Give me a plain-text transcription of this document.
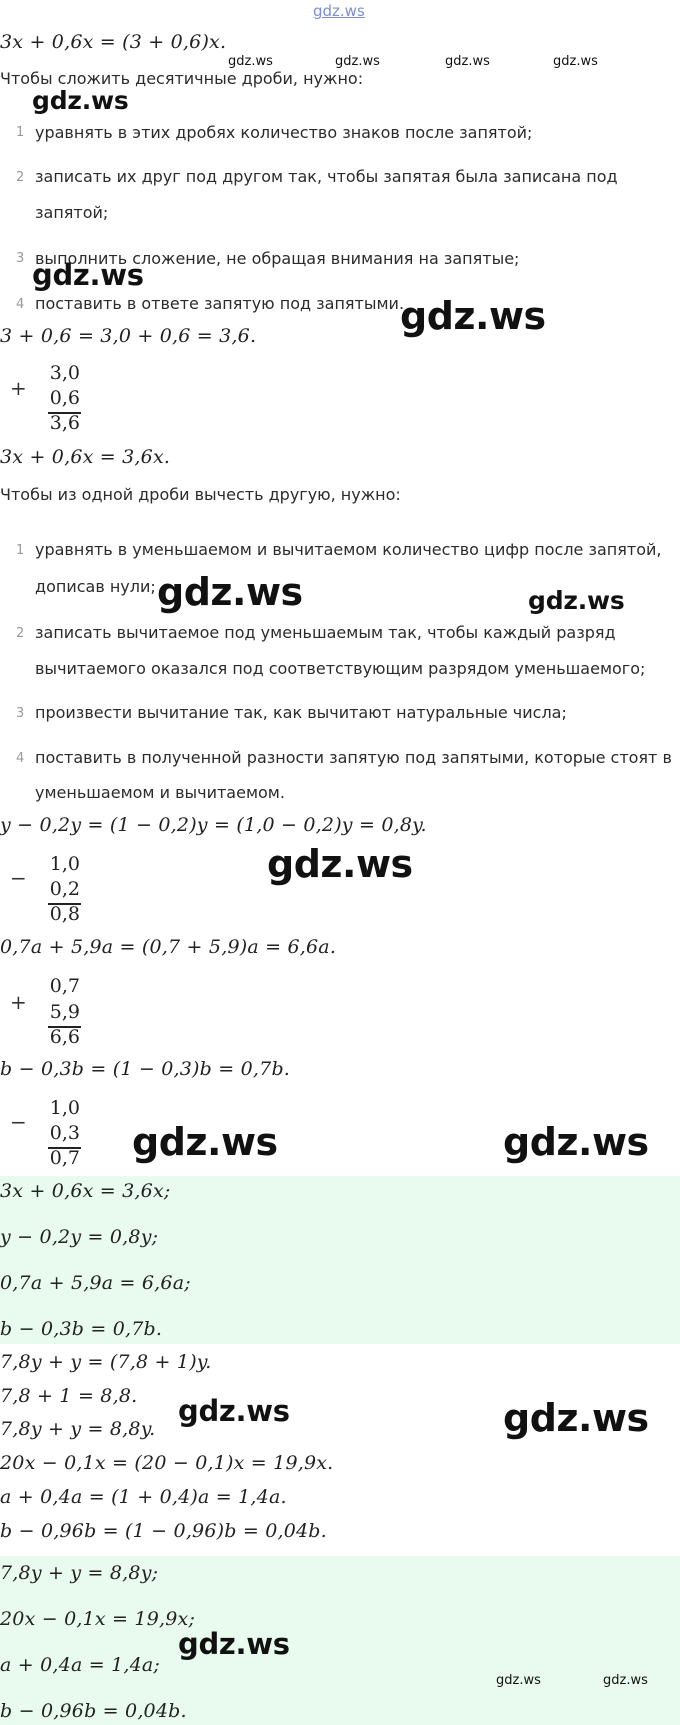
gdz.ws
3x + 0,6x = (3 + 0,6)x.
gdz.ws	gdz.ws	gdz.ws	gdz.ws
Чтобы сложить десятичные дроби, нужно:
gdz.ws
1 уравнять в этих дробях количество знаков после запятой;
2 записать их друг под другом так, чтобы запятая была записана под
запятой;
3 выполнить сложение, не обращая внимания на запятые;
gdz.ws
4 поставить в ответе запятую под запятыми.
gdz.ws
3 + 0,6 = 3,0 + 0,6 = 3,6.
+
3,0
0,6
3,6
3x + 0,6x = 3,6x.
Чтобы из одной дроби вычесть другую, нужно:
1 уравнять в уменьшаемом и вычитаемом количество цифр после запятой,
дописав нули; gdz.ws	gdz.ws
2 записать вычитаемое под уменьшаемым так, чтобы каждый разряд
вычитаемого оказался под соответствующим разрядом уменьшаемого;
3 произвести вычитание так, как вычитают натуральные числа;
4 поставить в полученной разности запятую под запятыми, которые стоят в
уменьшаемом и вычитаемом.
y − 0,2y = (1 − 0,2)y = (1,0 − 0,2)y = 0,8y.
−
1,0
0,2
0,8
gdz.ws
0,7a + 5,9a = (0,7 + 5,9)a = 6,6a.
+
0,7
5,9
6,6
b − 0,3b = (1 − 0,3)b = 0,7b.
−
1,0
0,3
0,7 gdz.ws	gdz.ws
3x + 0,6x = 3,6x;
y − 0,2y = 0,8y;
0,7a + 5,9a = 6,6a;
b − 0,3b = 0,7b.
7,8y + y = (7,8 + 1)y.
7,8 + 1 = 8,8. gdz.ws	gdz.ws
7,8y + y = 8,8y.
20x − 0,1x = (20 − 0,1)x = 19,9x.
a + 0,4a = (1 + 0,4)a = 1,4a.
b − 0,96b = (1 − 0,96)b = 0,04b.
7,8y + y = 8,8y;
20x − 0,1x = 19,9x;
a + 0,4a = 1,4a;
b − 0,96b = 0,04b.
gdz.ws
gdz.ws	gdz.ws
